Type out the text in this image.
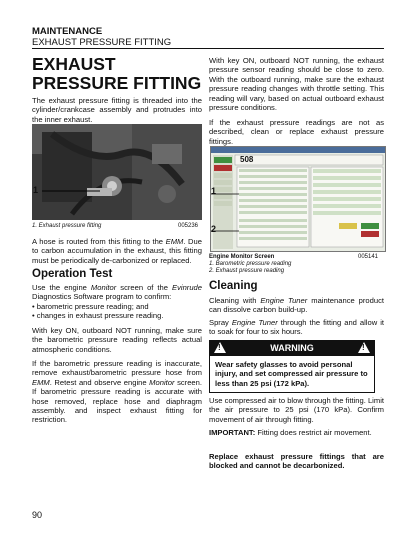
MAINTENANCE
EXHAUST PRESSURE FITTING
EXHAUST PRESSURE FITTING
The exhaust pressure fitting is threaded into the cylinder/crankcase assembly and protrudes into the inner exhaust.
1
1. Exhaust pressure fitting	005236
A hose is routed from this fitting to the EMM. Due to carbon accumulation in the exhaust, this fitting must be periodically de-carbonized or replaced.
Operation Test
Use the engine Monitor screen of the Evinrude Diagnostics Software program to confirm:
• barometric pressure reading; and
• changes in exhaust pressure reading.
With key ON, outboard NOT running, make sure the barometric pressure reading reflects actual atmospheric conditions.
If the barometric pressure reading is inaccurate, remove exhaust/barometric pressure hose from EMM. Retest and observe engine Monitor screen. If barometric pressure reading is accurate with hose removed, replace hose and diaphragm assembly. and inspect exhaust fitting for restriction.
90
With key ON, outboard NOT running, the exhaust pressure sensor reading should be close to zero. With the outboard running, make sure the exhaust pressure reading changes with throttle setting. This reading will vary, based on actual outboard exhaust pressure conditions.
If the exhaust pressure readings are not as described, clean or replace exhaust pressure fittings.
508
1
2
Engine Monitor Screen	005141
1. Barometric pressure reading
2. Exhaust pressure reading
Cleaning
Cleaning with Engine Tuner maintenance product can dissolve carbon build-up.
Spray Engine Tuner through the fitting and allow it to soak for four to six hours.
!	WARNING	!
Wear safety glasses to avoid personal injury, and set compressed air pressure to less than 25 psi (172 kPa).
Use compressed air to blow through the fitting. Limit the air pressure to 25 psi (170 kPa). Confirm movement of air through fitting.
IMPORTANT: Fitting does restrict air movement.
Replace exhaust pressure fittings that are blocked and cannot be decarbonized.
